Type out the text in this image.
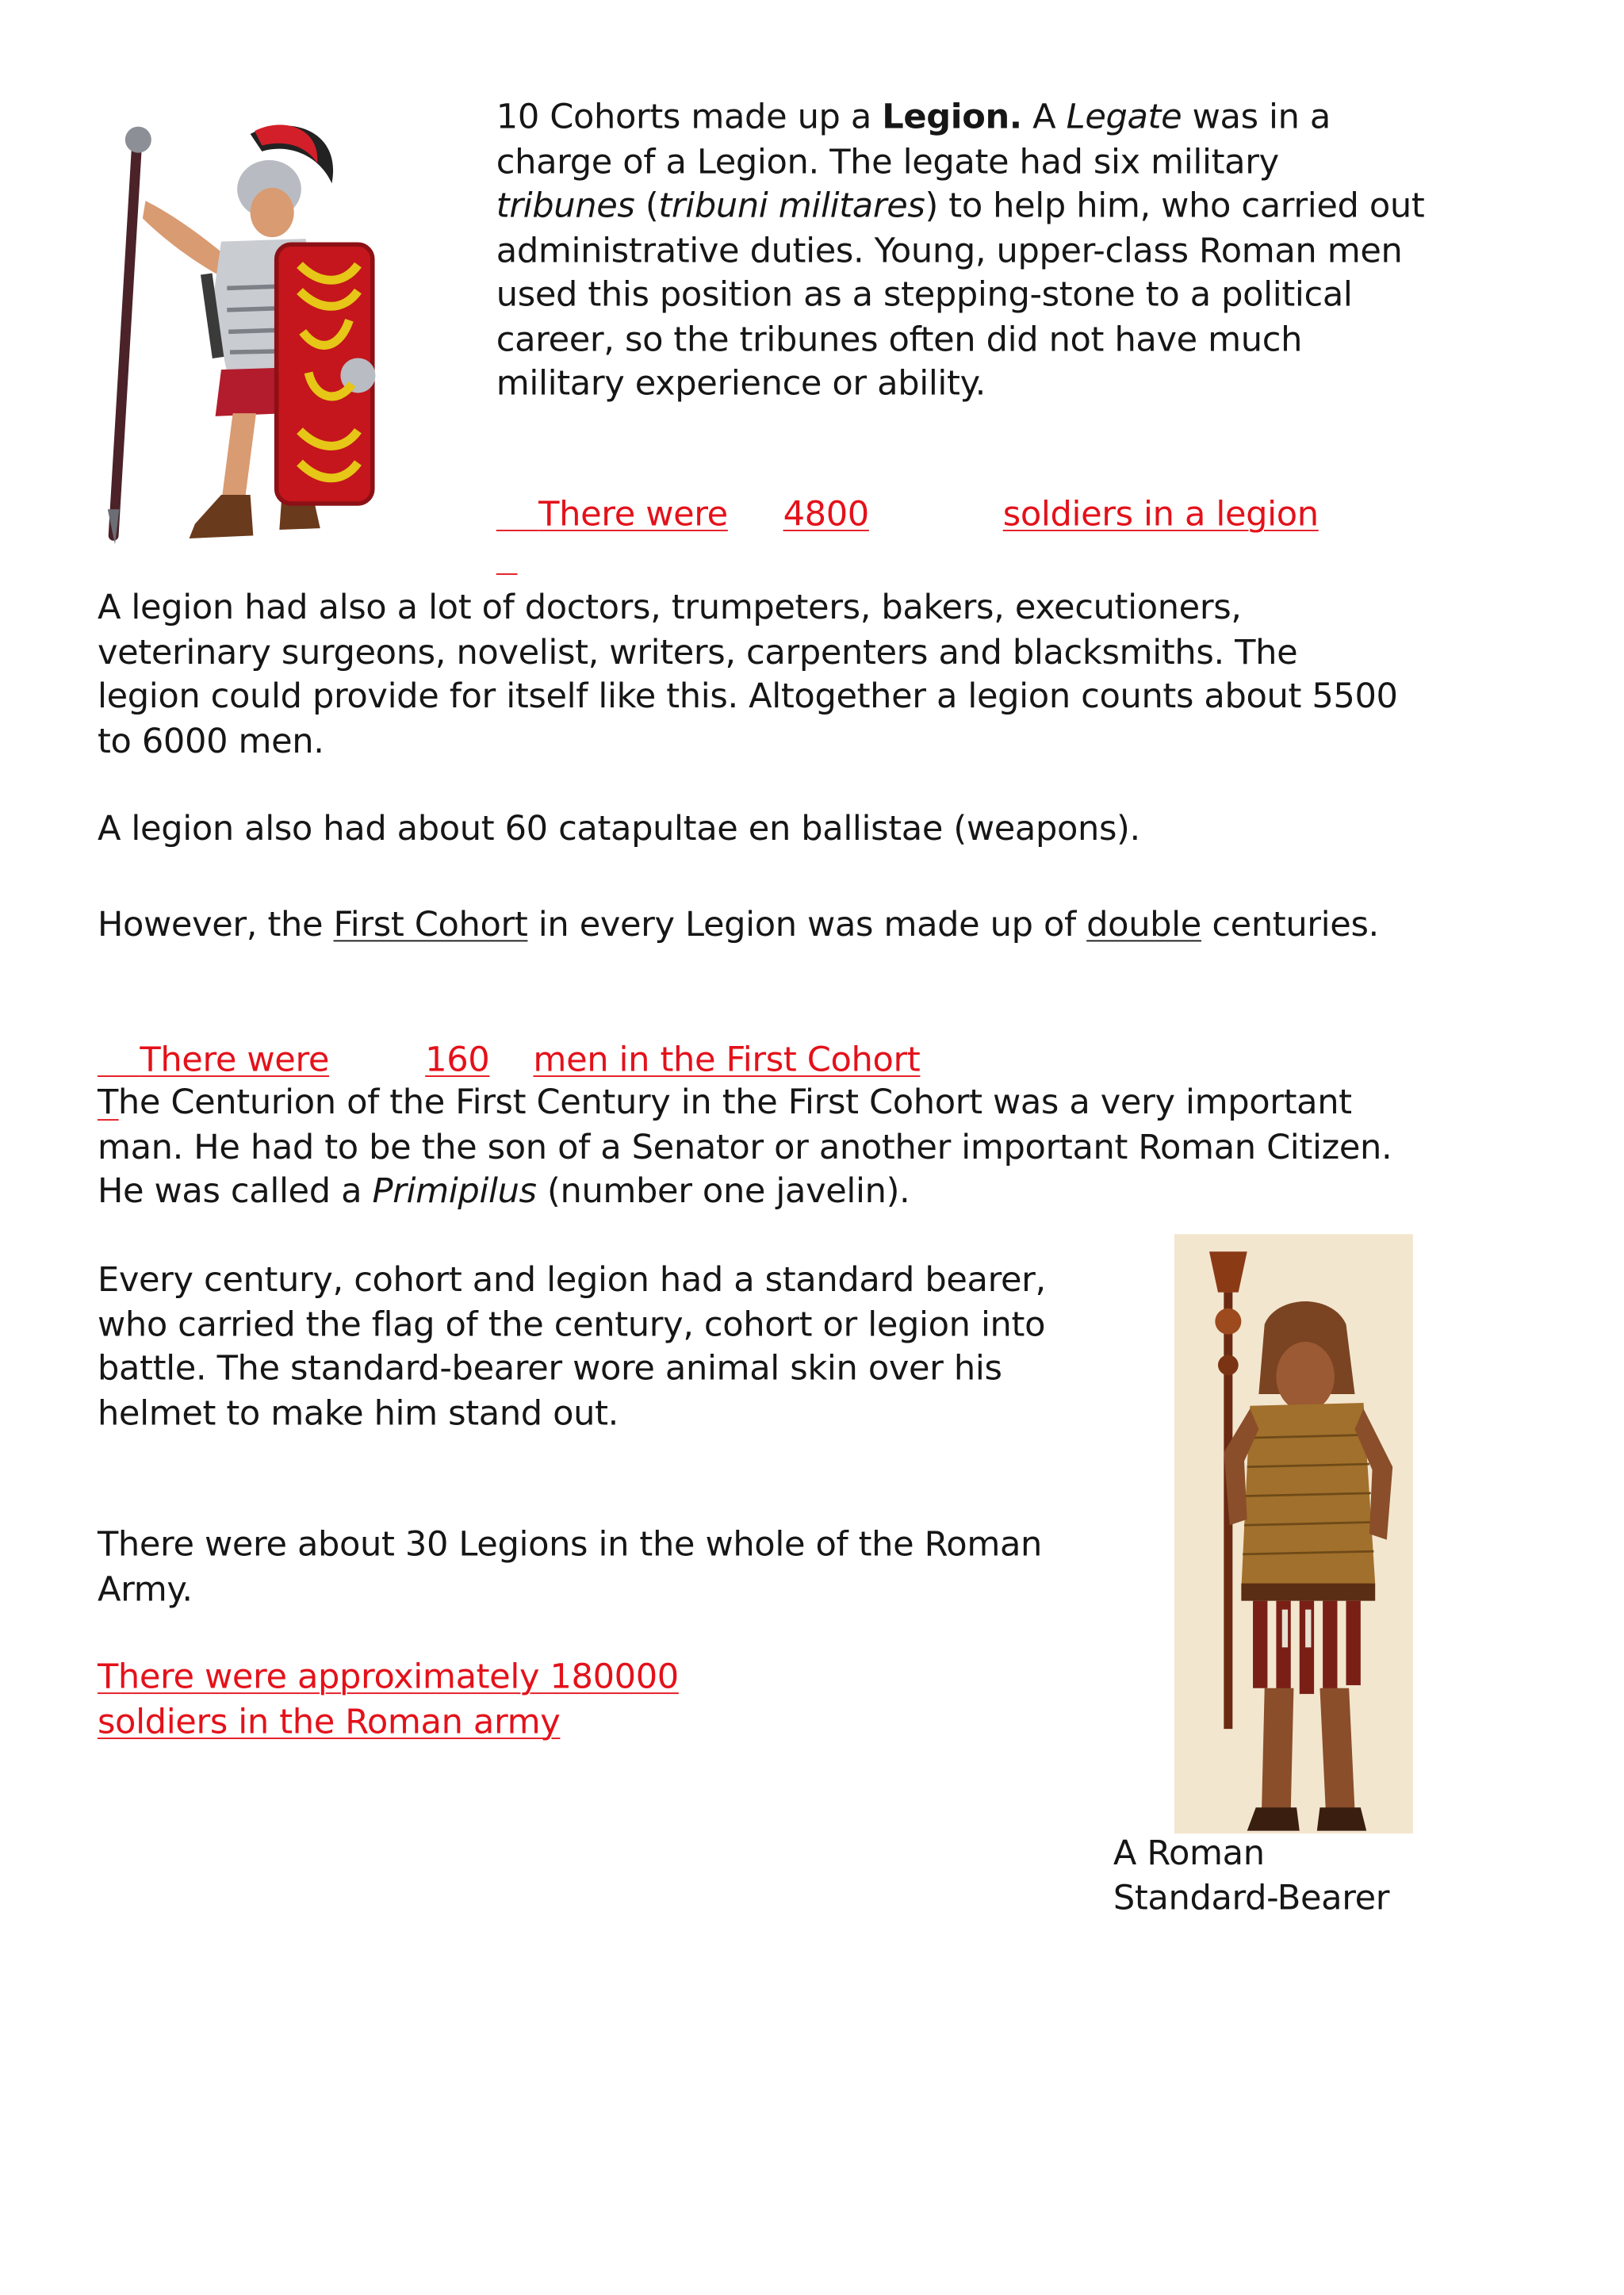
10 Cohorts made up a Legion. A Legate was in a charge of a Legion. The legate had six military tribunes (tribuni militares) to help him, who carried out administrative duties. Young, upper-class Roman men used this position as a stepping-stone to a political career, so the tribunes often did not have much military experience or ability.

There were	4800	soldiers in a legion

A legion had also a lot of doctors, trumpeters, bakers, executioners, veterinary surgeons, novelist, writers, carpenters and blacksmiths. The legion could provide for itself like this. Altogether a legion counts about 5500 to 6000 men.

A legion also had about 60 catapultae en ballistae (weapons).

However, the First Cohort in every Legion was made up of double centuries.

There were	160 men in the First Cohort

The Centurion of the First Century in the First Cohort was a very important man. He had to be the son of a Senator or another important Roman Citizen. He was called a Primipilus (number one javelin).

Every century, cohort and legion had a standard bearer, who carried the flag of the century, cohort or legion into battle. The standard-bearer wore animal skin over his helmet to make him stand out.

There were about 30 Legions in the whole of the Roman Army.

There were approximately 180000
soldiers in the Roman army
A Roman
Standard-Bearer
